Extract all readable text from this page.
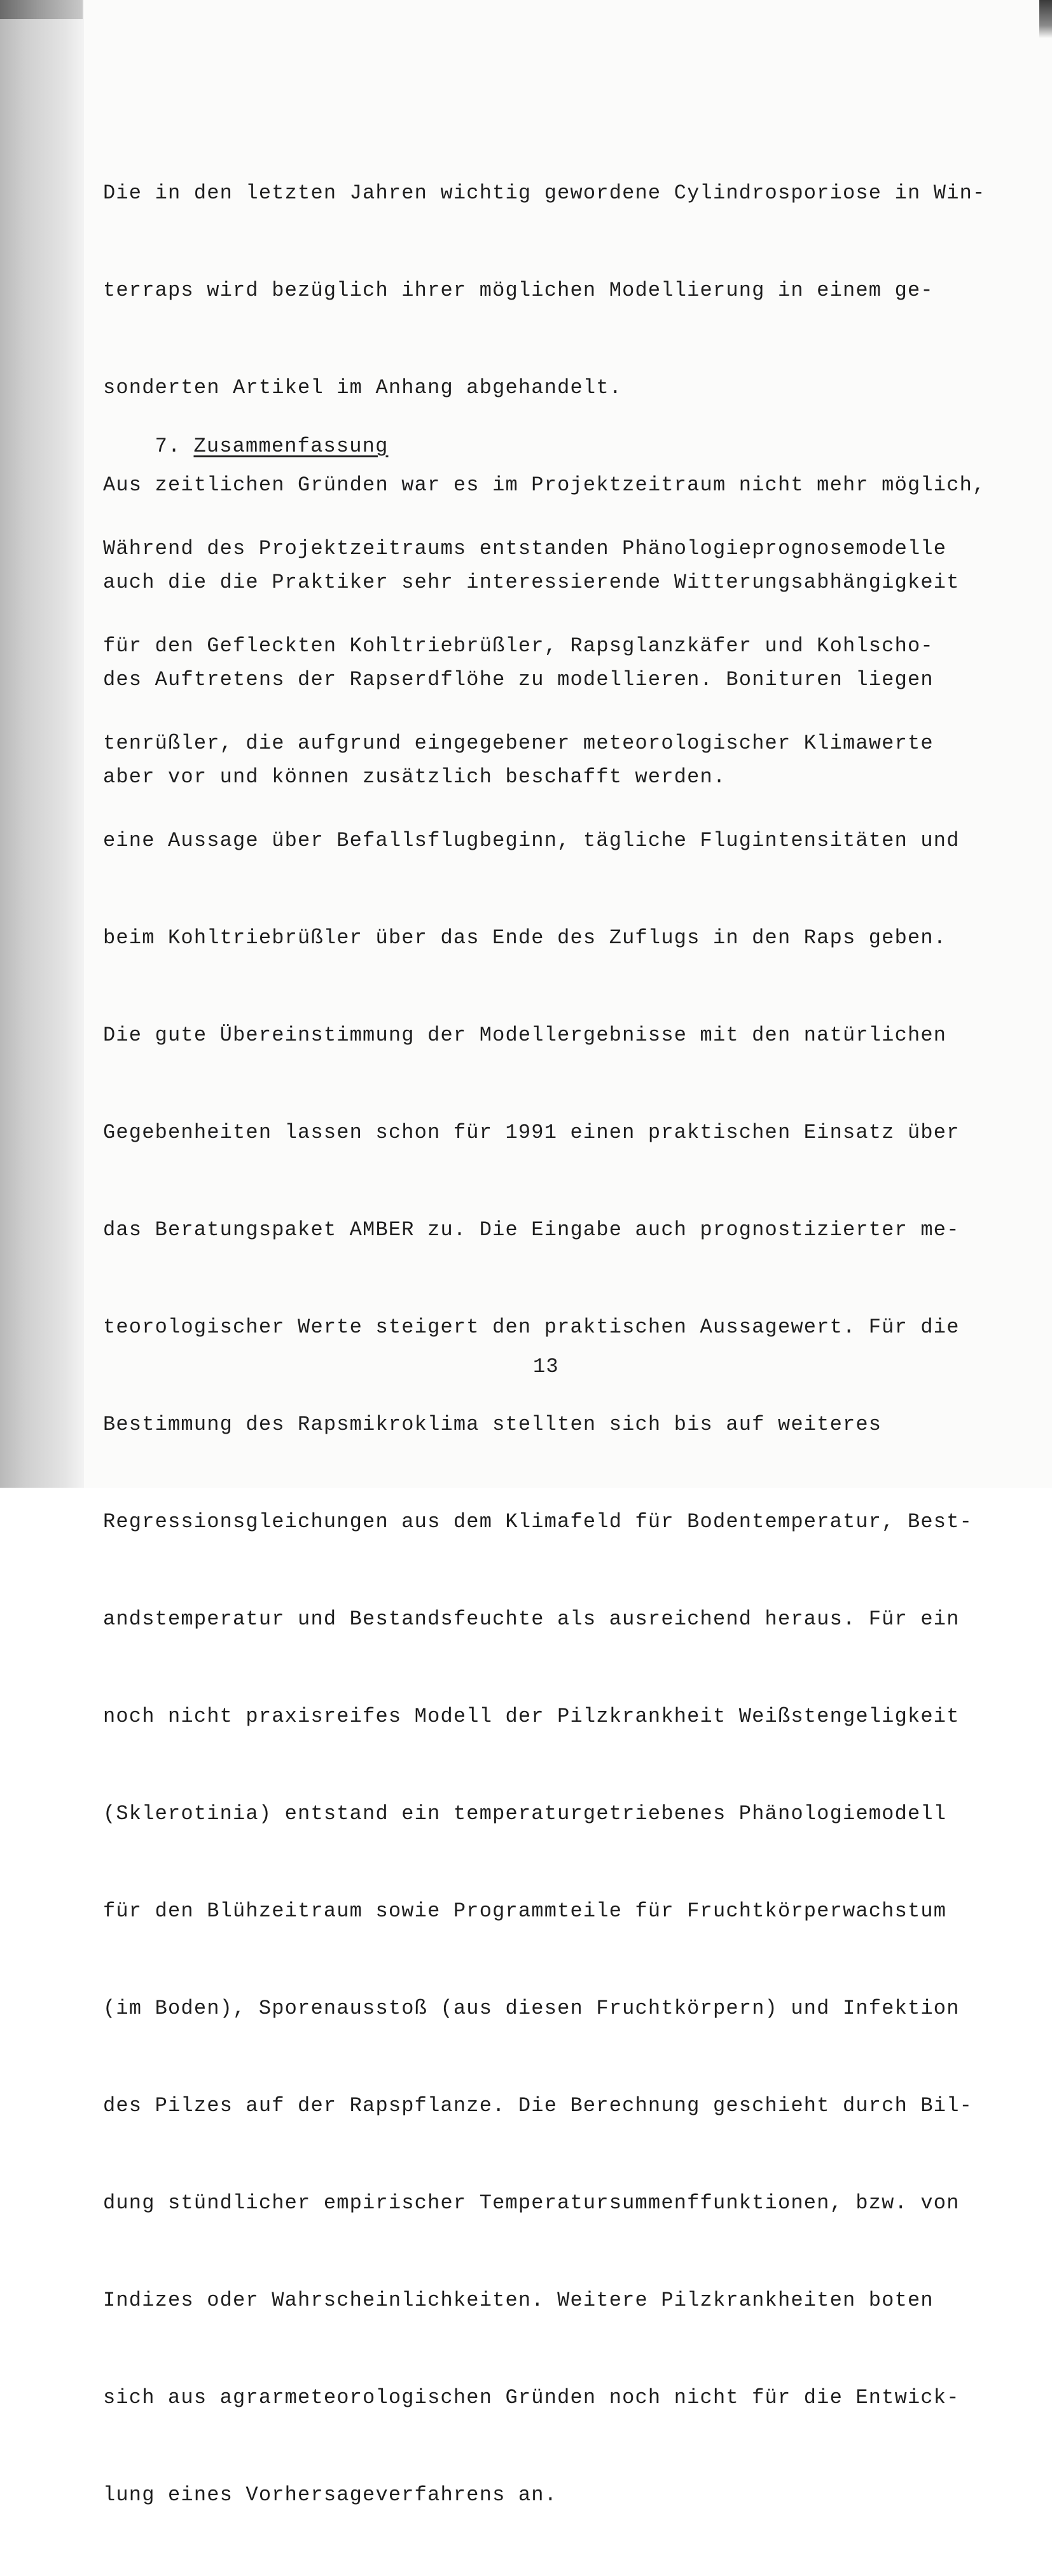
Die in den letzten Jahren wichtig gewordene Cylindrosporiose in Win-

terraps wird bezüglich ihrer möglichen Modellierung in einem ge-

sonderten Artikel im Anhang abgehandelt.

Aus zeitlichen Gründen war es im Projektzeitraum nicht mehr möglich,

auch die die Praktiker sehr interessierende Witterungsabhängigkeit

des Auftretens der Rapserdflöhe zu modellieren. Bonituren liegen

aber vor und können zusätzlich beschafft werden.

7. Zusammenfassung

Während des Projektzeitraums entstanden Phänologieprognosemodelle

für den Gefleckten Kohltriebrüßler, Rapsglanzkäfer und Kohlscho-

tenrüßler, die aufgrund eingegebener meteorologischer Klimawerte

eine Aussage über Befallsflugbeginn, tägliche Flugintensitäten und

beim Kohltriebrüßler über das Ende des Zuflugs in den Raps geben.

Die gute Übereinstimmung der Modellergebnisse mit den natürlichen

Gegebenheiten lassen schon für 1991 einen praktischen Einsatz über

das Beratungspaket AMBER zu. Die Eingabe auch prognostizierter me-

teorologischer Werte steigert den praktischen Aussagewert. Für die

Bestimmung des Rapsmikroklima stellten sich bis auf weiteres

Regressionsgleichungen aus dem Klimafeld für Bodentemperatur, Best-

andstemperatur und Bestandsfeuchte als ausreichend heraus. Für ein

noch nicht praxisreifes Modell der Pilzkrankheit Weißstengeligkeit

(Sklerotinia) entstand ein temperaturgetriebenes Phänologiemodell

für den Blühzeitraum sowie Programmteile für Fruchtkörperwachstum

(im Boden), Sporenausstoß (aus diesen Fruchtkörpern) und Infektion

des Pilzes auf der Rapspflanze. Die Berechnung geschieht durch Bil-

dung stündlicher empirischer Temperatursummenffunktionen, bzw. von

Indizes oder Wahrscheinlichkeiten. Weitere Pilzkrankheiten boten

sich aus agrarmeteorologischen Gründen noch nicht für die Entwick-

lung eines Vorhersageverfahrens an.

13
